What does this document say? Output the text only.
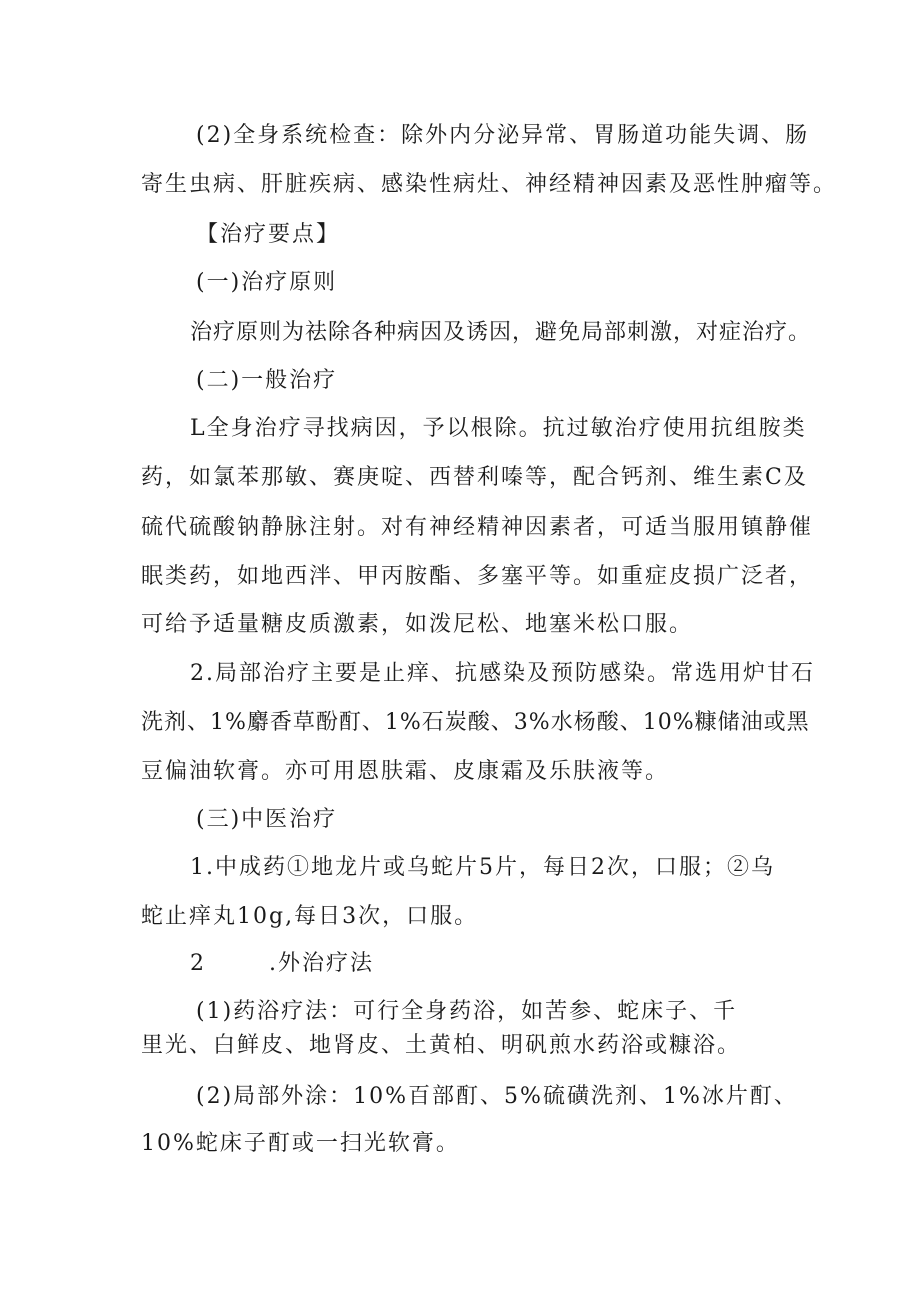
(2)全身系统检查：除外内分泌异常、胃肠道功能失调、肠
寄生虫病、肝脏疾病、感染性病灶、神经精神因素及恶性肿瘤等。
【治疗要点】
(一)治疗原则
治疗原则为祛除各种病因及诱因，避免局部刺激，对症治疗。
(二)一般治疗
L全身治疗寻找病因，予以根除。抗过敏治疗使用抗组胺类
药，如氯苯那敏、赛庚啶、西替利嗪等，配合钙剂、维生素C及
硫代硫酸钠静脉注射。对有神经精神因素者，可适当服用镇静催
眠类药，如地西泮、甲丙胺酯、多塞平等。如重症皮损广泛者，
可给予适量糖皮质激素，如泼尼松、地塞米松口服。
2.局部治疗主要是止痒、抗感染及预防感染。常选用炉甘石
洗剂、1%麝香草酚酊、1%石炭酸、3%水杨酸、10%糠储油或黑
豆偏油软膏。亦可用恩肤霜、皮康霜及乐肤液等。
(三)中医治疗
1.中成药①地龙片或乌蛇片5片，每日2次，口服；②乌
蛇止痒丸10g,每日3次，口服。
2       .外治疗法
(1)药浴疗法：可行全身药浴，如苦参、蛇床子、千
里光、白鲜皮、地肾皮、土黄柏、明矾煎水药浴或糠浴。
(2)局部外涂：10%百部酊、5%硫磺洗剂、1%冰片酊、
10%蛇床子酊或一扫光软膏。
